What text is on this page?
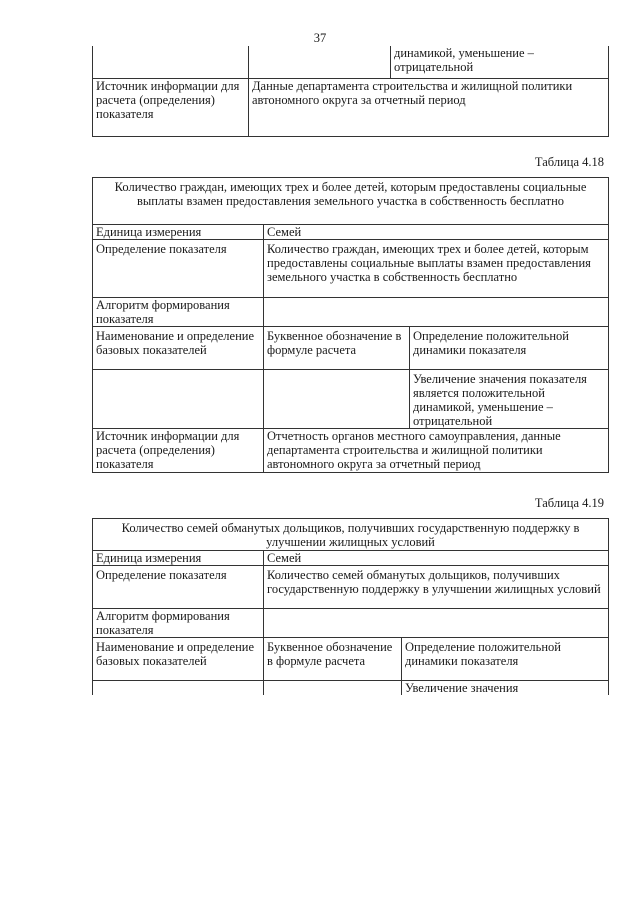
37
		динамикой, уменьшение – отрицательной
Источник информации для расчета (определения) показателя	Данные департамента строительства и жилищной политики автономного округа за отчетный период	
Таблица 4.18
Количество граждан, имеющих трех и более детей, которым предоставлены социальные выплаты взамен предоставления земельного участка в собственность бесплатно		
Единица измерения	Семей	
Определение показателя	Количество граждан, имеющих трех и более детей, которым предоставлены социальные выплаты взамен предоставления земельного участка в собственность бесплатно	
Алгоритм формирования показателя		
Наименование и определение базовых показателей	Буквенное обозначение в формуле расчета	Определение положительной динамики показателя
		Увеличение значения показателя является положительной динамикой, уменьшение – отрицательной
Источник информации для расчета (определения) показателя	Отчетность органов местного самоуправления, данные департамента строительства и жилищной политики автономного округа за отчетный период	
Таблица 4.19
Количество семей обманутых дольщиков, получивших государственную поддержку в улучшении жилищных условий		
Единица измерения	Семей	
Определение показателя	Количество семей обманутых дольщиков, получивших государственную поддержку в улучшении жилищных условий	
Алгоритм формирования показателя		
Наименование и определение базовых показателей	Буквенное обозначение в формуле расчета	Определение положительной динамики показателя
		Увеличение значения
